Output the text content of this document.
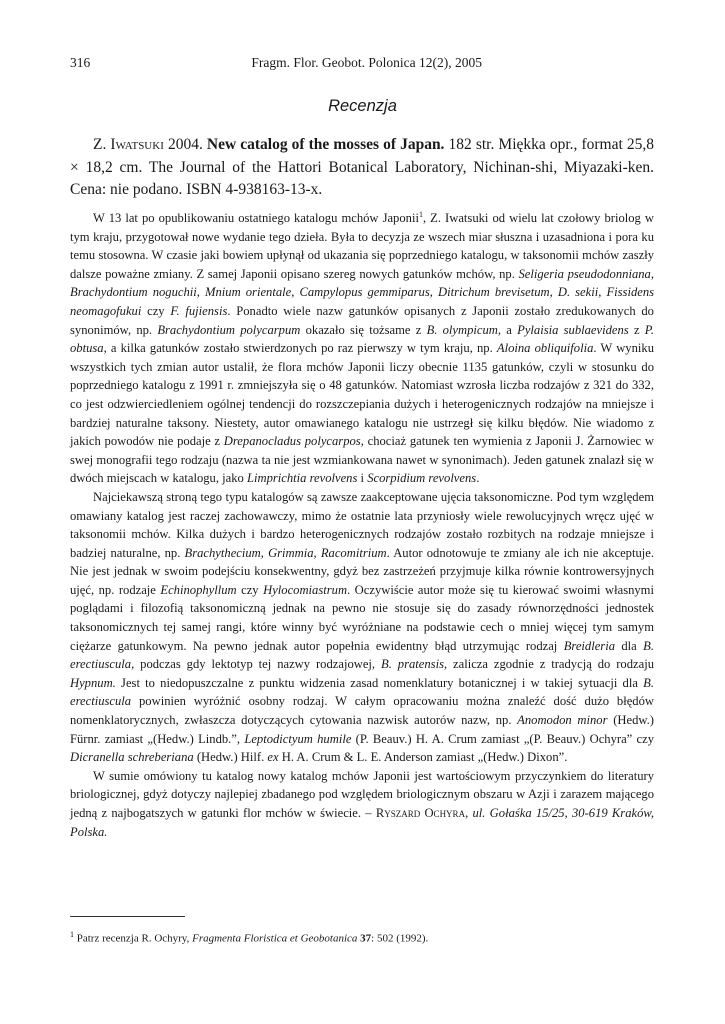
316	Fragm. Flor. Geobot. Polonica 12(2), 2005
Recenzja
Z. Iwatsuki 2004. New catalog of the mosses of Japan. 182 str. Miękka opr., format 25,8 × 18,2 cm. The Journal of the Hattori Botanical Laboratory, Nichinan-shi, Miyazaki-ken. Cena: nie podano. ISBN 4-938163-13-x.

W 13 lat po opublikowaniu ostatniego katalogu mchów Japonii$^1$, Z. Iwatsuki od wielu lat czołowy briolog w tym kraju, przygotował nowe wydanie tego dzieła. Była to decyzja ze wszech miar słuszna i uzasadniona i pora ku temu stosowna. W czasie jaki bowiem upłynął od ukazania się poprzedniego katalogu, w taksonomii mchów zaszły dalsze poważne zmiany. Z samej Japonii opisano szereg nowych gatunków mchów, np. Seligeria pseudodonniana, Brachydontium noguchii, Mnium orientale, Campylopus gemmiparus, Ditrichum brevisetum, D. sekii, Fissidens neomagofukui czy F. fujiensis. Ponadto wiele nazw gatunków opisanych z Japonii zostało zredukowanych do synonimów, np. Brachydontium polycarpum okazało się tożsame z B. olympicum, a Pylaisia sublaevidens z P. obtusa, a kilka gatunków zostało stwierdzonych po raz pierwszy w tym kraju, np. Aloina obliquifolia. W wyniku wszystkich tych zmian autor ustalił, że flora mchów Japonii liczy obecnie 1135 gatunków, czyli w stosunku do poprzedniego katalogu z 1991 r. zmniejszyła się o 48 gatunków. Natomiast wzrosła liczba rodzajów z 321 do 332, co jest odzwierciedleniem ogólnej tendencji do rozszczepiania dużych i heterogenicznych rodzajów na mniejsze i bardziej naturalne taksony. Niestety, autor omawianego katalogu nie ustrzegł się kilku błędów. Nie wiadomo z jakich powodów nie podaje z Drepanocladus polycarpos, chociaż gatunek ten wymienia z Japonii J. Żarnowiec w swej monografii tego rodzaju (nazwa ta nie jest wzmiankowana nawet w synonimach). Jeden gatunek znalazł się w dwóch miejscach w katalogu, jako Limprichtia revolvens i Scorpidium revolvens.

Najciekawszą stroną tego typu katalogów są zawsze zaakceptowane ujęcia taksonomiczne. Pod tym względem omawiany katalog jest raczej zachowawczy, mimo że ostatnie lata przyniosły wiele rewolucyjnych wręcz ujęć w taksonomii mchów. Kilka dużych i bardzo heterogenicznych rodzajów zostało rozbitych na rodzaje mniejsze i badziej naturalne, np. Brachythecium, Grimmia, Racomitrium. Autor odnotowuje te zmiany ale ich nie akceptuje. Nie jest jednak w swoim podejściu konsekwentny, gdyż bez zastrzeżeń przyjmuje kilka równie kontrowersyjnych ujęć, np. rodzaje Echinophyllum czy Hylocomiastrum. Oczywiście autor może się tu kierować swoimi własnymi poglądami i filozofią taksonomiczną jednak na pewno nie stosuje się do zasady równorzędności jednostek taksonomicznych tej samej rangi, które winny być wyróżniane na podstawie cech o mniej więcej tym samym ciężarze gatunkowym. Na pewno jednak autor popełnia ewidentny błąd utrzymując rodzaj Breidleria dla B. erectiuscula, podczas gdy lektotyp tej nazwy rodzajowej, B. pratensis, zalicza zgodnie z tradycją do rodzaju Hypnum. Jest to niedopuszczalne z punktu widzenia zasad nomenklatury botanicznej i w takiej sytuacji dla B. erectiuscula powinien wyróżnić osobny rodzaj. W całym opracowaniu można znaleźć dość dużo błędów nomenklatorycznych, zwłaszcza dotyczących cytowania nazwisk autorów nazw, np. Anomodon minor (Hedw.) Fürnr. zamiast „(Hedw.) Lindb.”, Leptodictyum humile (P. Beauv.) H. A. Crum zamiast „(P. Beauv.) Ochyra” czy Dicranella schreberiana (Hedw.) Hilf. ex H. A. Crum & L. E. Anderson zamiast „(Hedw.) Dixon”.

W sumie omówiony tu katalog nowy katalog mchów Japonii jest wartościowym przyczynkiem do literatury briologicznej, gdyż dotyczy najlepiej zbadanego pod względem briologicznym obszaru w Azji i zarazem mającego jedną z najbogatszych w gatunki flor mchów w świecie. – Ryszard Ochyra, ul. Gołaśka 15/25, 30-619 Kraków, Polska.

$^1$ Patrz recenzja R. Ochyry, Fragmenta Floristica et Geobotanica 37: 502 (1992).
